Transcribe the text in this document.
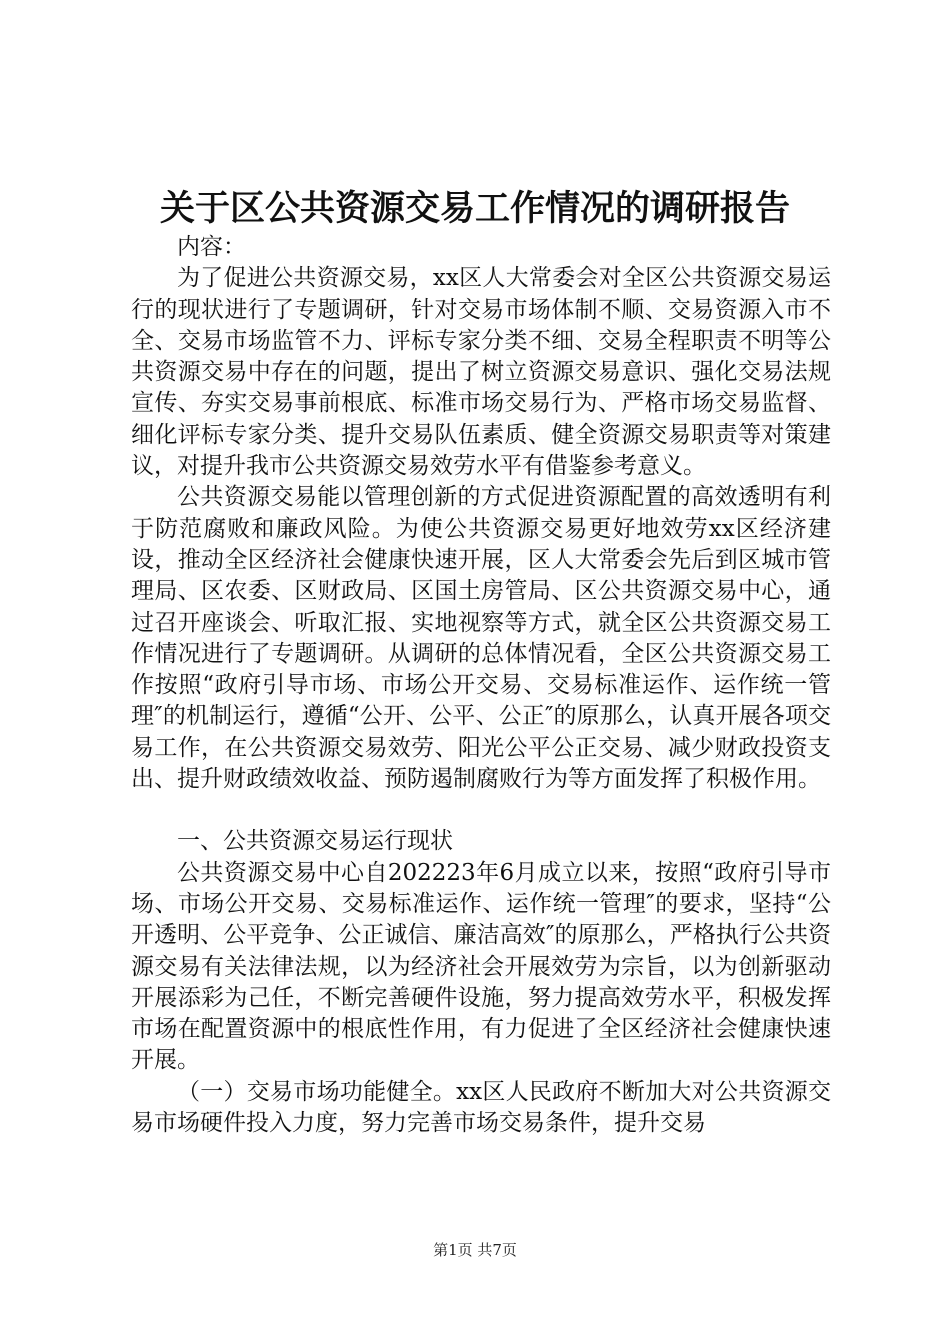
关于区公共资源交易工作情况的调研报告

内容：

为了促进公共资源交易，xx区人大常委会对全区公共资源交易运行的现状进行了专题调研，针对交易市场体制不顺、交易资源入市不全、交易市场监管不力、评标专家分类不细、交易全程职责不明等公共资源交易中存在的问题，提出了树立资源交易意识、强化交易法规宣传、夯实交易事前根底、标准市场交易行为、严格市场交易监督、细化评标专家分类、提升交易队伍素质、健全资源交易职责等对策建议，对提升我市公共资源交易效劳水平有借鉴参考意义。

公共资源交易能以管理创新的方式促进资源配置的高效透明有利于防范腐败和廉政风险。为使公共资源交易更好地效劳xx区经济建设，推动全区经济社会健康快速开展，区人大常委会先后到区城市管理局、区农委、区财政局、区国土房管局、区公共资源交易中心，通过召开座谈会、听取汇报、实地视察等方式，就全区公共资源交易工作情况进行了专题调研。从调研的总体情况看，全区公共资源交易工作按照“政府引导市场、市场公开交易、交易标准运作、运作统一管理″的机制运行，遵循“公开、公平、公正″的原那么，认真开展各项交易工作，在公共资源交易效劳、阳光公平公正交易、减少财政投资支出、提升财政绩效收益、预防遏制腐败行为等方面发挥了积极作用。

一、公共资源交易运行现状

公共资源交易中心自202223年6月成立以来，按照“政府引导市场、市场公开交易、交易标准运作、运作统一管理″的要求，坚持“公开透明、公平竞争、公正诚信、廉洁高效″的原那么，严格执行公共资源交易有关法律法规，以为经济社会开展效劳为宗旨，以为创新驱动开展添彩为己任，不断完善硬件设施，努力提高效劳水平，积极发挥市场在配置资源中的根底性作用，有力促进了全区经济社会健康快速开展。

（一）交易市场功能健全。xx区人民政府不断加大对公共资源交易市场硬件投入力度，努力完善市场交易条件，提升交易

第1页 共7页
